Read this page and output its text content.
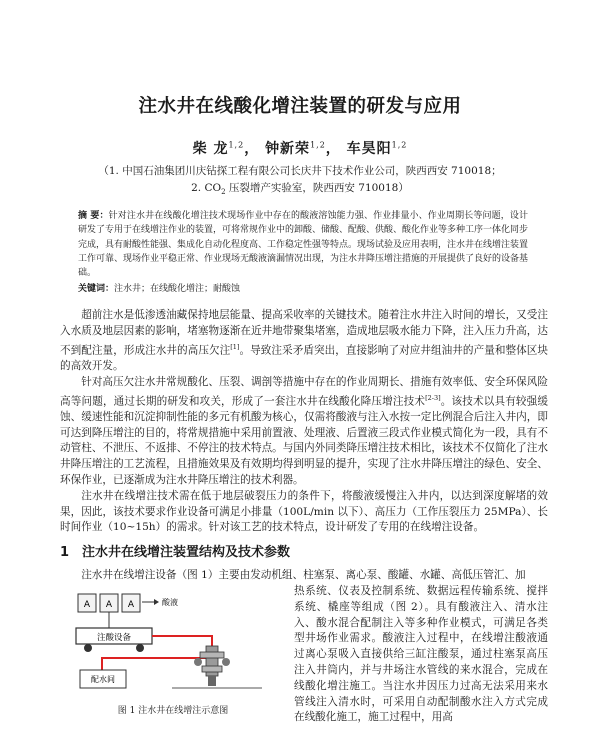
注水井在线酸化增注装置的研发与应用
柴 龙$^{1,2}$， 钟新荣$^{1,2}$， 车昊阳$^{1,2}$
（1. 中国石油集团川庆钻探工程有限公司长庆井下技术作业公司，陕西西安 710018；
2. $CO_2$ 压裂增产实验室，陕西西安 710018）
摘 要：针对注水井在线酸化增注技术现场作业中存在的酸液溶蚀能力强、作业排量小、作业周期长等问题，设计研发了专用于在线增注作业的装置，可将常规作业中的卸酸、储酸、配酸、供酸、酸化作业等多种工序一体化同步完成，具有耐酸性能强、集成化自动化程度高、工作稳定性强等特点。现场试验及应用表明，注水井在线增注装置工作可靠、现场作业平稳正常、作业现场无酸液滴漏情况出现，为注水井降压增注措施的开展提供了良好的设备基础。
关键词：注水井；在线酸化增注；耐酸蚀

超前注水是低渗透油藏保持地层能量、提高采收率的关键技术。随着注水井注入时间的增长，又受注入水质及地层因素的影响，堵塞物逐渐在近井地带聚集堵塞，造成地层吸水能力下降，注入压力升高，达不到配注量，形成注水井的高压欠注[1]。导致注采矛盾突出，直接影响了对应井组油井的产量和整体区块的高效开发。

针对高压欠注水井常规酸化、压裂、调剖等措施中存在的作业周期长、措施有效率低、安全环保风险高等问题，通过长期的研发和攻关，形成了一套注水井在线酸化降压增注技术[2-3]。该技术以具有较强缓蚀、缓速性能和沉淀抑制性能的多元有机酸为核心，仅需将酸液与注入水按一定比例混合后注入井内，即可达到降压增注的目的，将常规措施中采用前置液、处理液、后置液三段式作业模式简化为一段，具有不动管柱、不泄压、不返排、不停注的技术特点。与国内外同类降压增注技术相比，该技术不仅简化了注水井降压增注的工艺流程，且措施效果及有效期均得到明显的提升，实现了注水井降压增注的绿色、安全、环保作业，已逐渐成为注水井降压增注的技术利器。

注水井在线增注技术需在低于地层破裂压力的条件下，将酸液缓慢注入井内，以达到深度解堵的效果，因此，该技术要求作业设备可满足小排量（100L/min 以下）、高压力（工作压裂压力 25MPa）、长时间作业（10~15h）的需求。针对该工艺的技术特点，设计研发了专用的在线增注设备。

1 注水井在线增注装置结构及技术参数
注水井在线增注设备（图 1）主要由发动机组、柱塞泵、离心泵、酸罐、水罐、高低压管汇、加
热系统、仪表及控制系统、数据远程传输系统、搅拌系统、橇座等组成（图 2）。具有酸液注入、清水注入、酸水混合配制注入等多种作业模式，可满足各类型井场作业需求。酸液注入过程中，在线增注酸液通过离心泵吸入直接供给三缸注酸泵，通过柱塞泵高压注入井筒内，并与井场注水管线的来水混合，完成在线酸化增注施工。当注水井因压力过高无法采用来水管线注入清水时，可采用自动配制酸水注入方式完成在线酸化施工，施工过程中，用高
A A A	酸液
注酸设备
配水间
图 1 注水井在线增注示意图
